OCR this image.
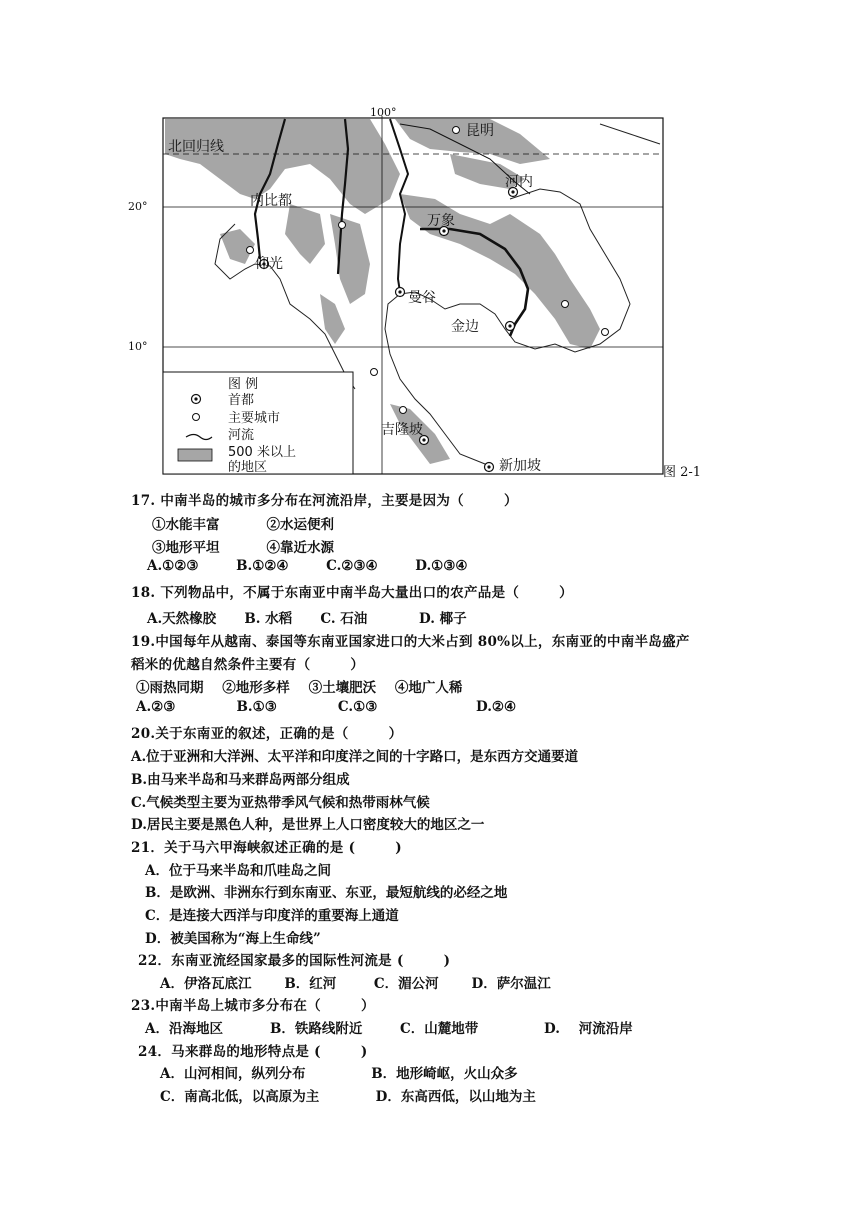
100°
20°
10°
北回归线
昆明
河内
内比都
万象
仰光
曼谷
金边
吉隆坡
新加坡
图 例
首都
主要城市
河流
500 米以上
的地区	图 2-1
17. 中南半岛的城市多分布在河流沿岸，主要是因为（        ）
①水能丰富          ②水运便利
③地形平坦          ④靠近水源
A.①②③        B.①②④        C.②③④        D.①③④
18. 下列物品中，不属于东南亚中南半岛大量出口的农产品是（        ）
A.天然橡胶      B. 水稻      C. 石油           D. 椰子
19.中国每年从越南、泰国等东南亚国家进口的大米占到 80%以上，东南亚的中南半岛盛产
稻米的优越自然条件主要有（        ）
①雨热同期    ②地形多样    ③土壤肥沃    ④地广人稀
A.②③             B.①③             C.①③                     D.②④
20.关于东南亚的叙述，正确的是（        ）
A.位于亚洲和大洋洲、太平洋和印度洋之间的十字路口，是东西方交通要道
B.由马来半岛和马来群岛两部分组成
C.气候类型主要为亚热带季风气候和热带雨林气候
D.居民主要是黑色人种，是世界上人口密度较大的地区之一
21．关于马六甲海峡叙述正确的是 (        )
A．位于马来半岛和爪哇岛之间
B．是欧洲、非洲东行到东南亚、东亚，最短航线的必经之地
C．是连接大西洋与印度洋的重要海上通道
D．被美国称为“海上生命线”
22．东南亚流经国家最多的国际性河流是 (        )
A．伊洛瓦底江       B．红河        C．湄公河       D．萨尔温江
23.中南半岛上城市多分布在（        ）
A．沿海地区          B．铁路线附近        C．山麓地带              D.    河流沿岸
24．马来群岛的地形特点是 (        )
A．山河相间，纵列分布              B．地形崎岖，火山众多
C．南高北低，以高原为主            D．东高西低，以山地为主
